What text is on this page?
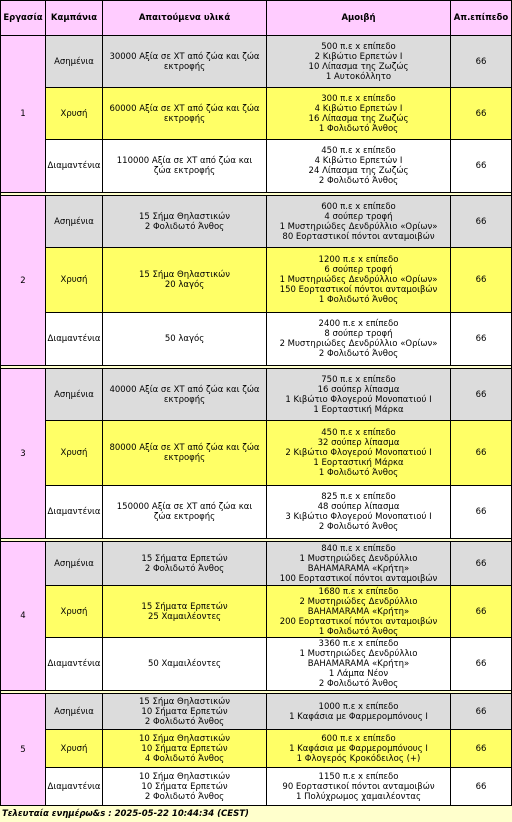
Εργασία	Καμπάνια	Απαιτούμενα υλικά	Αμοιβή	Απ.επίπεδο
1	Ασημένια	30000 Αξία σε ΧΤ από ζώα και ζώα
εκτροφής	500 π.ε x επίπεδο
2 Κιβώτιο Ερπετών I
10 Λίπασμα της Ζωζώς
1 Αυτοκόλλητο	66
	Χρυσή	60000 Αξία σε ΧΤ από ζώα και ζώα
εκτροφής	300 π.ε x επίπεδο
4 Κιβώτιο Ερπετών I
16 Λίπασμα της Ζωζώς
1 Φολιδωτό Άνθος	66
	Διαμαντένια	110000 Αξία σε ΧΤ από ζώα και
ζώα εκτροφής	450 π.ε x επίπεδο
4 Κιβώτιο Ερπετών I
24 Λίπασμα της Ζωζώς
2 Φολιδωτό Άνθος	66

2	Ασημένια	15 Σήμα Θηλαστικών
2 Φολιδωτό Άνθος	600 π.ε x επίπεδο
4 σούπερ τροφή
1 Μυστηριώδες Δενδρύλλιο «Ορίων»
80 Εορταστικοί πόντοι ανταμοιβών	66
	Χρυσή	15 Σήμα Θηλαστικών
20 λαγός	1200 π.ε x επίπεδο
6 σούπερ τροφή
1 Μυστηριώδες Δενδρύλλιο «Ορίων»
150 Εορταστικοί πόντοι ανταμοιβών
1 Φολιδωτό Άνθος	66
	Διαμαντένια	50 λαγός	2400 π.ε x επίπεδο
8 σούπερ τροφή
2 Μυστηριώδες Δενδρύλλιο «Ορίων»
2 Φολιδωτό Άνθος	66

3	Ασημένια	40000 Αξία σε ΧΤ από ζώα και ζώα
εκτροφής	750 π.ε x επίπεδο
16 σούπερ λίπασμα
1 Κιβώτιο Φλογερού Μονοπατιού I
1 Εορταστική Μάρκα	66
	Χρυσή	80000 Αξία σε ΧΤ από ζώα και ζώα
εκτροφής	450 π.ε x επίπεδο
32 σούπερ λίπασμα
2 Κιβώτιο Φλογερού Μονοπατιού I
1 Εορταστική Μάρκα
1 Φολιδωτό Άνθος	66
	Διαμαντένια	150000 Αξία σε ΧΤ από ζώα και
ζώα εκτροφής	825 π.ε x επίπεδο
48 σούπερ λίπασμα
3 Κιβώτιο Φλογερού Μονοπατιού I
2 Φολιδωτό Άνθος	66

4	Ασημένια	15 Σήματα Ερπετών
2 Φολιδωτό Άνθος	840 π.ε x επίπεδο
1 Μυστηριώδες Δενδρύλλιο
BAHAMARAMA «Κρήτη»
100 Εορταστικοί πόντοι ανταμοιβών	66
	Χρυσή	15 Σήματα Ερπετών
25 Χαμαιλέοντες	1680 π.ε x επίπεδο
2 Μυστηριώδες Δενδρύλλιο
BAHAMARAMA «Κρήτη»
200 Εορταστικοί πόντοι ανταμοιβών
1 Φολιδωτό Άνθος	66
	Διαμαντένια	50 Χαμαιλέοντες	3360 π.ε x επίπεδο
1 Μυστηριώδες Δενδρύλλιο
BAHAMARAMA «Κρήτη»
1 Λάμπα Νέον
2 Φολιδωτό Άνθος	66

5	Ασημένια	15 Σήμα Θηλαστικών
10 Σήματα Ερπετών
2 Φολιδωτό Άνθος	1000 π.ε x επίπεδο
1 Καφάσια με Φαρμερομπόνους I	66
	Χρυσή	10 Σήμα Θηλαστικών
10 Σήματα Ερπετών
4 Φολιδωτό Άνθος	600 π.ε x επίπεδο
1 Καφάσια με Φαρμερομπόνους I
1 Φλογερός Κροκόδειλος (+)	66
	Διαμαντένια	10 Σήμα Θηλαστικών
10 Σήματα Ερπετών
2 Φολιδωτό Άνθος	1150 π.ε x επίπεδο
90 Εορταστικοί πόντοι ανταμοιβών
1 Πολύχρωμος χαμαιλέοντας	66
Τελευταία ενημέρω&s : 2025-05-22 10:44:34 (CEST)
